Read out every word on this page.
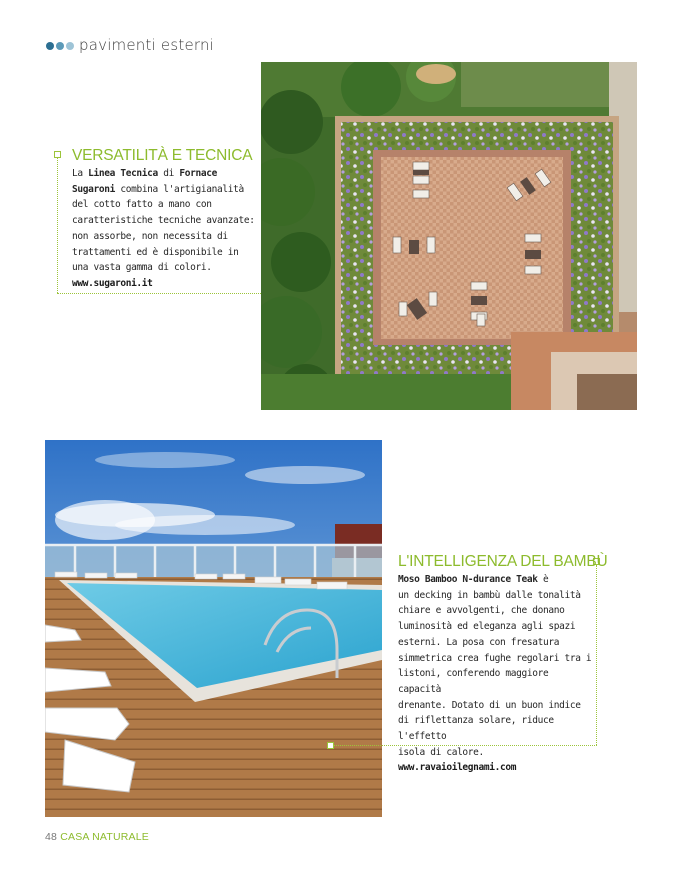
pavimenti esterni
VERSATILITÀ E TECNICA
La Linea Tecnica di Fornace
Sugaroni combina l'artigianalità
del cotto fatto a mano con
caratteristiche tecniche avanzate:
non assorbe, non necessita di
trattamenti ed è disponibile in
una vasta gamma di colori.
www.sugaroni.it
L'INTELLIGENZA DEL BAMBÙ
Moso Bamboo N-durance Teak è
un decking in bambù dalle tonalità
chiare e avvolgenti, che donano
luminosità ed eleganza agli spazi
esterni. La posa con fresatura
simmetrica crea fughe regolari tra i
listoni, conferendo maggiore capacità
drenante. Dotato di un buon indice
di riflettanza solare, riduce l'effetto
isola di calore.
www.ravaioilegnami.com
48 CASA NATURALE
